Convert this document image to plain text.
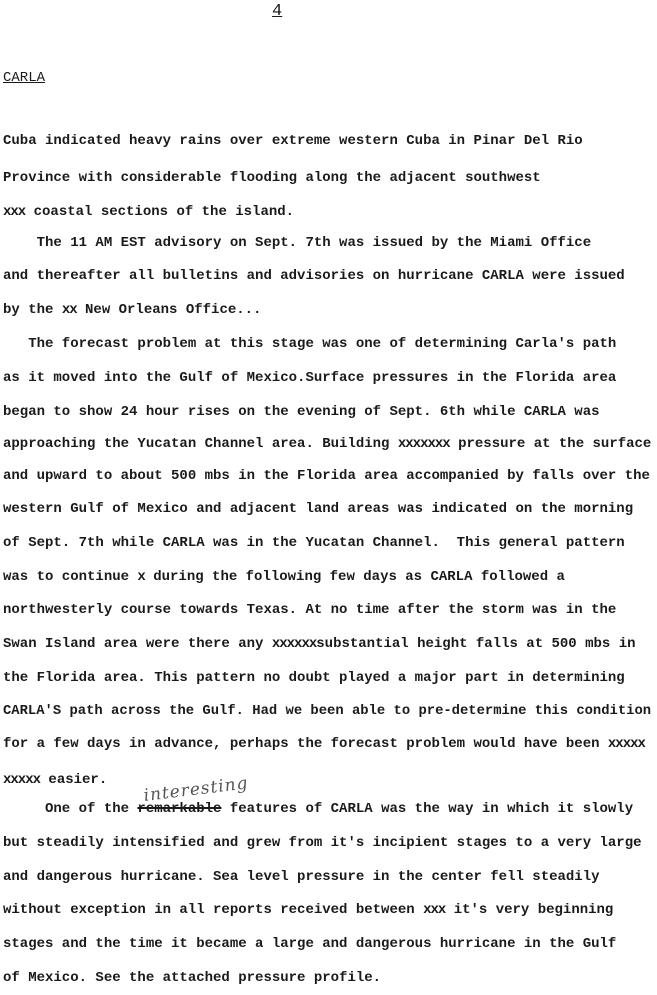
4
CARLA
Cuba indicated heavy rains over extreme western Cuba in Pinar Del Rio
Province with considerable flooding along the adjacent southwest
xxx coastal sections of the island.
The 11 AM EST advisory on Sept. 7th was issued by the Miami Office
and thereafter all bulletins and advisories on hurricane CARLA were issued
by the xx New Orleans Office...
The forecast problem at this stage was one of determining Carla's path
as it moved into the Gulf of Mexico.Surface pressures in the Florida area
began to show 24 hour rises on the evening of Sept. 6th while CARLA was
approaching the Yucatan Channel area. Building xxxxxxx pressure at the surface
and upward to about 500 mbs in the Florida area accompanied by falls over the
western Gulf of Mexico and adjacent land areas was indicated on the morning
of Sept. 7th while CARLA was in the Yucatan Channel.  This general pattern
was to continue x during the following few days as CARLA followed a
northwesterly course towards Texas. At no time after the storm was in the
Swan Island area were there any xxxxxxsubstantial height falls at 500 mbs in
the Florida area. This pattern no doubt played a major part in determining
CARLA'S path across the Gulf. Had we been able to pre-determine this condition
for a few days in advance, perhaps the forecast problem would have been xxxxx
xxxxx easier.
One of the remarkable features of CARLA was the way in which it slowly
but steadily intensified and grew from it's incipient stages to a very large
and dangerous hurricane. Sea level pressure in the center fell steadily
without exception in all reports received between xxx it's very beginning
stages and the time it became a large and dangerous hurricane in the Gulf
of Mexico. See the attached pressure profile.
interesting
